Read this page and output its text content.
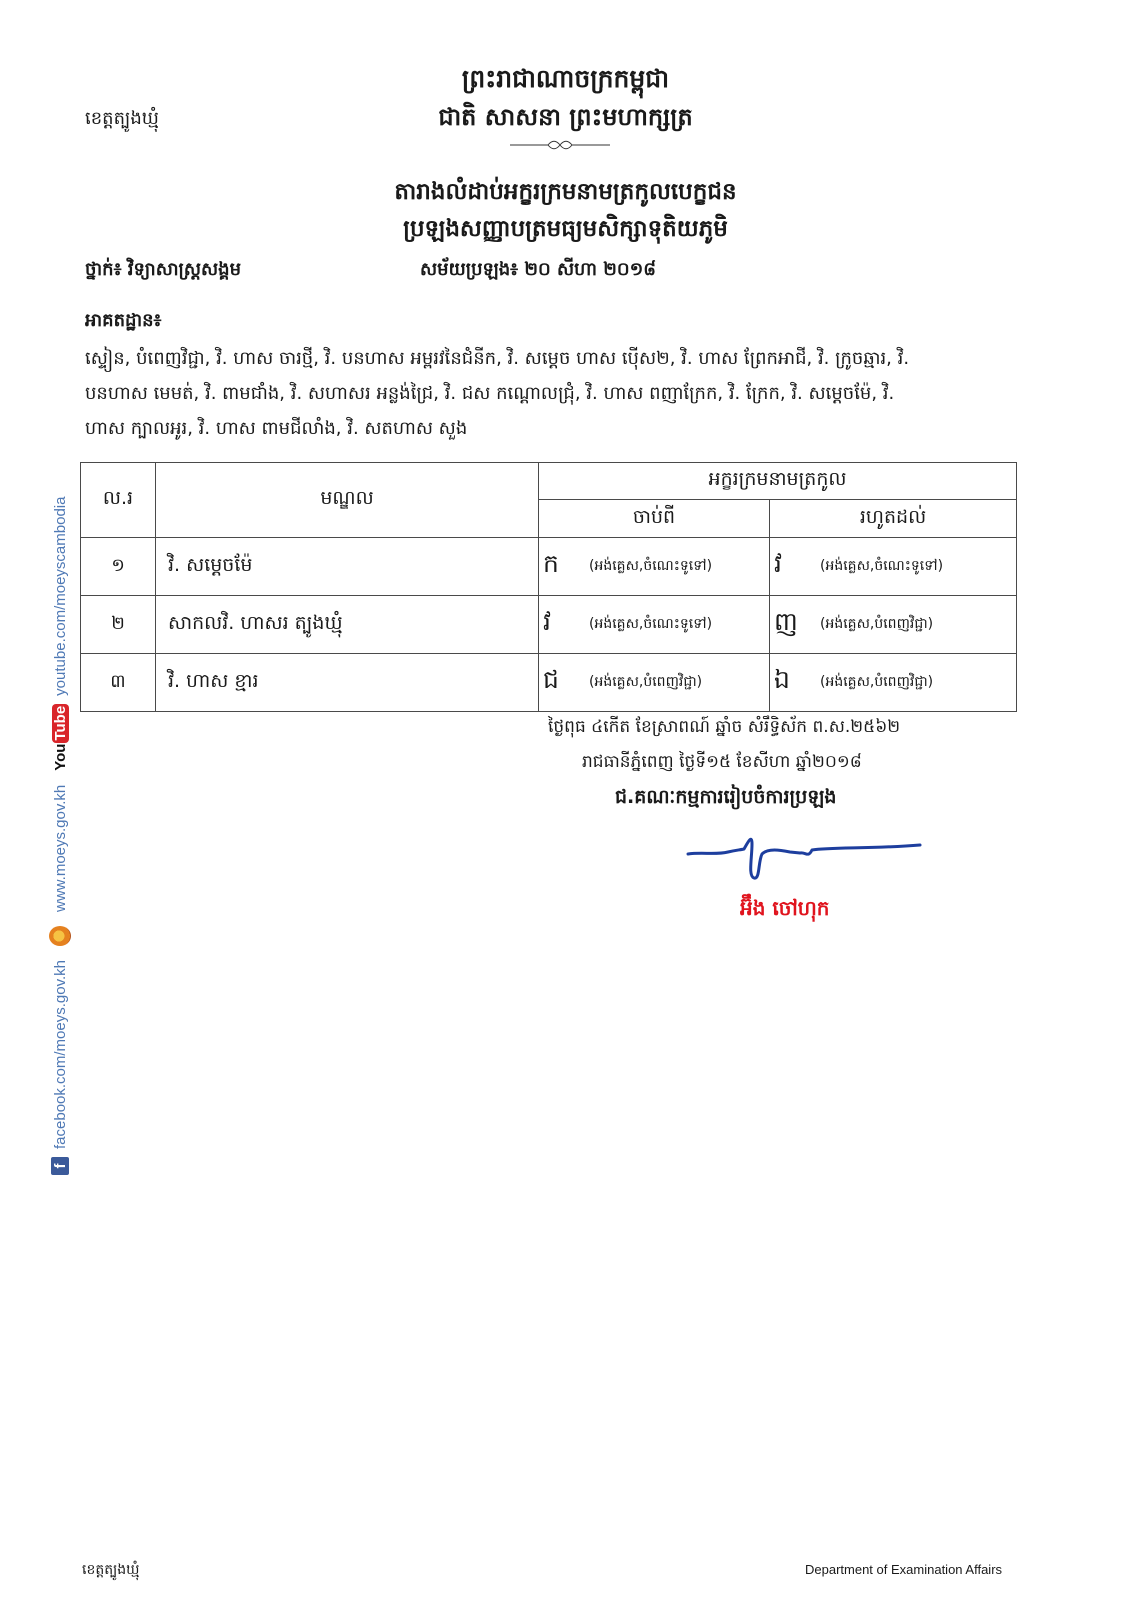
ព្រះរាជាណាចក្រកម្ពុជា
ជាតិ សាសនា ព្រះមហាក្សត្រ
ខេត្តត្បូងឃ្មុំ
តារាងលំដាប់អក្ខរក្រមនាមត្រកូលបេក្ខជន
ប្រឡងសញ្ញាបត្រមធ្យមសិក្សាទុតិយភូមិ
ថ្នាក់៖ វិទ្យាសាស្ត្រសង្គម	សម័យប្រឡង៖ ២០ សីហា ២០១៨
អាគតដ្ឋាន៖
ស្ទៀន, បំពេញវិជ្ជា, វិ. ហាស ចារថ្មី, វិ. បនហាស អម្ពរវនៃជំនីក, វិ. សម្តេច ហាស ប៉ើស២, វិ. ហាស ព្រែកអាជី, វិ. ក្រូចឆ្មារ, វិ.
បនហាស មេមត់, វិ. ពាមជាំង, វិ. សហាសរ អន្លង់ជ្រៃ, វិ. ជស កណ្តោលជ្រុំ, វិ. ហាស ពញាក្រែក, វិ. ក្រែក, វិ. សម្តេចម៉ែ, វិ.
ហាស ក្បាលអូរ, វិ. ហាស ពាមជីលាំង, វិ. សតហាស សួង
ល.រ	មណ្ឌល	អក្ខរក្រមនាមត្រកូល	
		ចាប់ពី	រហូតដល់
១	វិ. សម្តេចម៉ែ	ក (អង់គ្លេស,ចំណេះទូទៅ)	វ (អង់គ្លេស,ចំណេះទូទៅ)

២	សាកលវិ. ហាសរ ត្បូងឃ្មុំ	វ (អង់គ្លេស,ចំណេះទូទៅ)	ញ (អង់គ្លេស,បំពេញវិជ្ជា)

៣	វិ. ហាស ខ្មារ	ជ (អង់គ្លេស,បំពេញវិជ្ជា)	ឯ (អង់គ្លេស,បំពេញវិជ្ជា)
ថ្ងៃពុធ ៤កើត ខែស្រាពណ៍ ឆ្នាំច សំរឹទ្ធិស័ក ព.ស.២៥៦២
រាជធានីភ្នំពេញ ថ្ងៃទី១៥ ខែសីហា ឆ្នាំ២០១៨
ជ.គណៈកម្មការរៀបចំការប្រឡង
អ៊ឹង ចៅហុក
f
facebook.com/moeys.gov.kh
www.moeys.gov.kh
You
Tube
youtube.com/moeyscambodia
ខេត្តត្បូងឃ្មុំ	Department of Examination Affairs
